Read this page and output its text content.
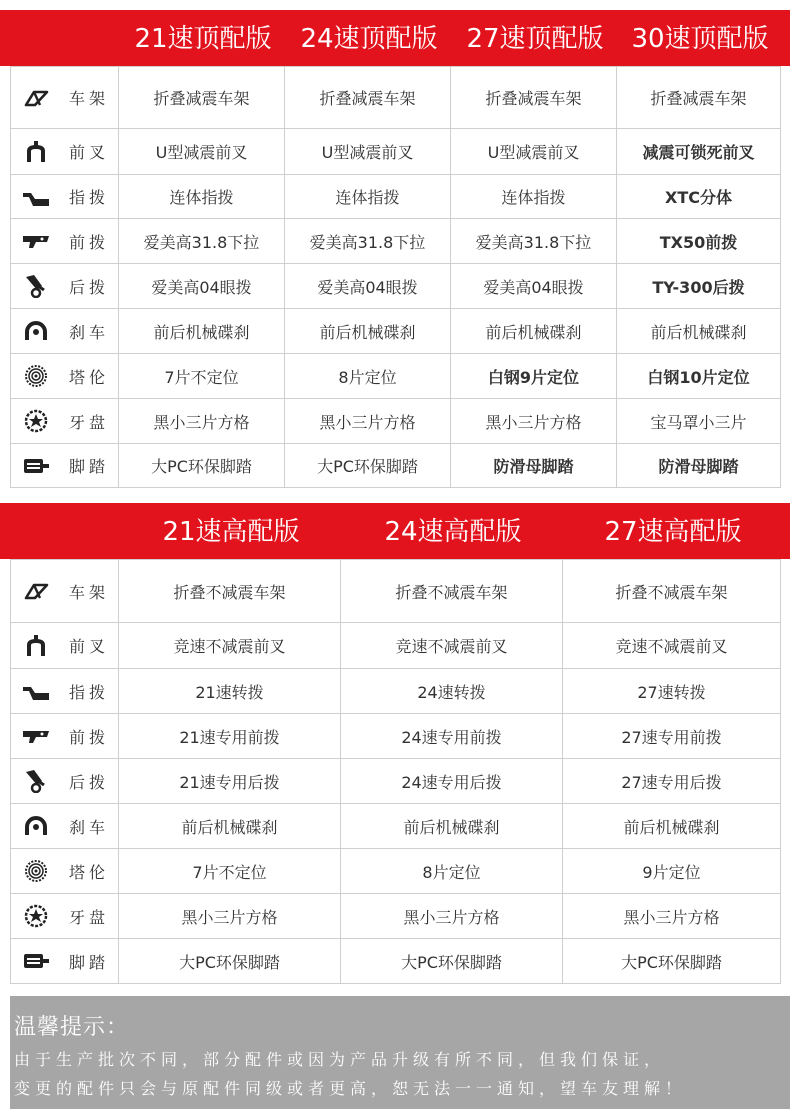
21速顶配版	24速顶配版	27速顶配版	30速顶配版
车架	折叠减震车架	折叠减震车架	折叠减震车架	折叠减震车架

前叉	U型减震前叉	U型减震前叉	U型减震前叉	减震可锁死前叉

指拨	连体指拨	连体指拨	连体指拨	XTC分体

前拨	爱美高31.8下拉	爱美高31.8下拉	爱美高31.8下拉	TX50前拨

后拨	爱美高04眼拨	爱美高04眼拨	爱美高04眼拨	TY-300后拨

刹车	前后机械碟刹	前后机械碟刹	前后机械碟刹	前后机械碟刹

塔伦	7片不定位	8片定位	白钢9片定位	白钢10片定位

牙盘	黑小三片方格	黑小三片方格	黑小三片方格	宝马罩小三片

脚踏	大PC环保脚踏	大PC环保脚踏	防滑母脚踏	防滑母脚踏
21速高配版	24速高配版	27速高配版
车架	折叠不减震车架	折叠不减震车架	折叠不减震车架

前叉	竞速不减震前叉	竞速不减震前叉	竞速不减震前叉

指拨	21速转拨	24速转拨	27速转拨

前拨	21速专用前拨	24速专用前拨	27速专用前拨

后拨	21速专用后拨	24速专用后拨	27速专用后拨

刹车	前后机械碟刹	前后机械碟刹	前后机械碟刹

塔伦	7片不定位	8片定位	9片定位

牙盘	黑小三片方格	黑小三片方格	黑小三片方格

脚踏	大PC环保脚踏	大PC环保脚踏	大PC环保脚踏
温馨提示：
由于生产批次不同，部分配件或因为产品升级有所不同，但我们保证，
变更的配件只会与原配件同级或者更高，恕无法一一通知，望车友理解！
